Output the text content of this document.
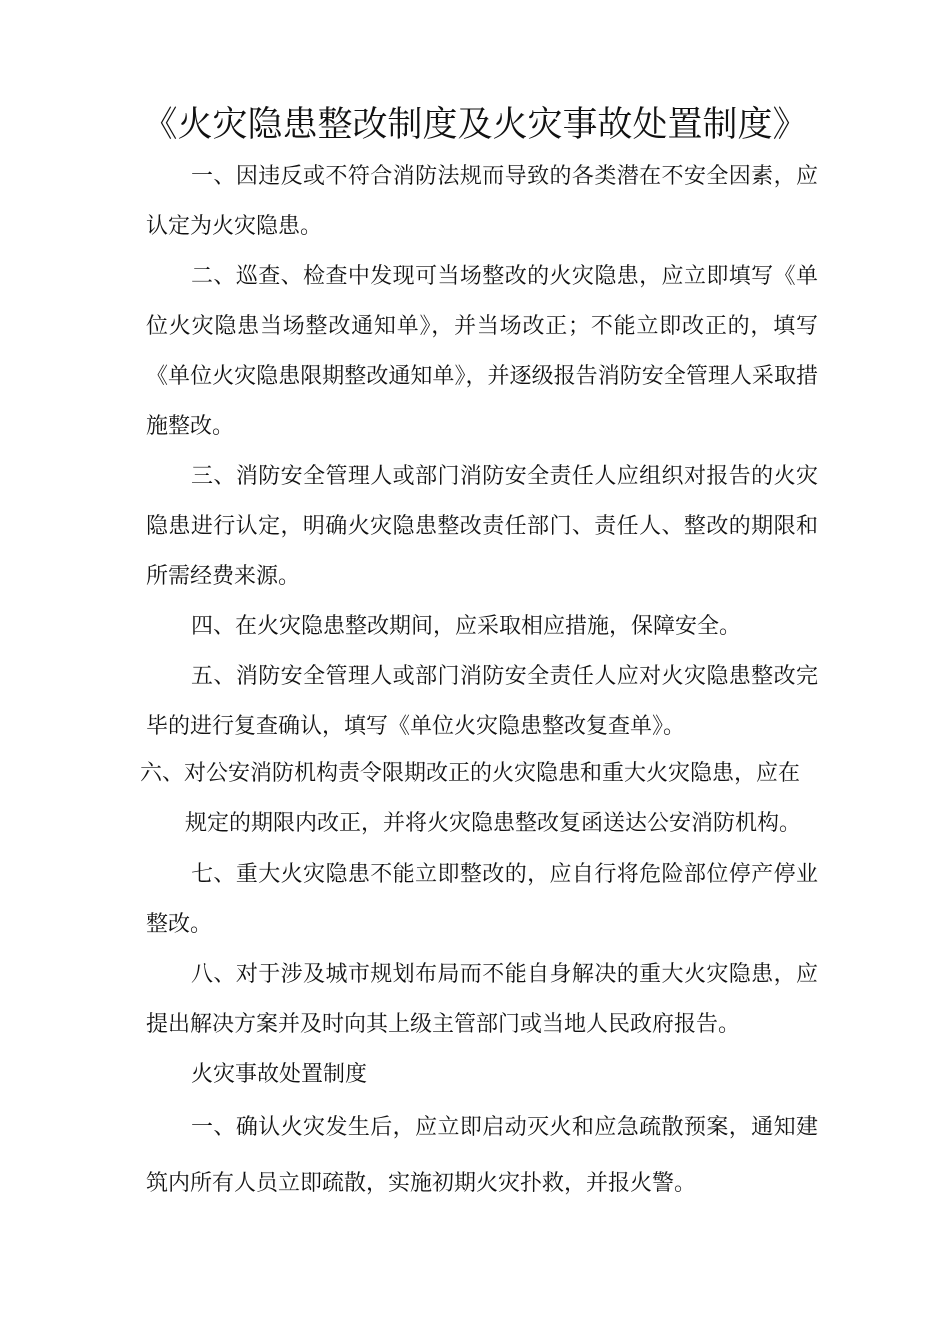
《火灾隐患整改制度及火灾事故处置制度》

一、因违反或不符合消防法规而导致的各类潜在不安全因素，应认定为火灾隐患。

二、巡查、检查中发现可当场整改的火灾隐患，应立即填写《单位火灾隐患当场整改通知单》，并当场改正；不能立即改正的，填写《单位火灾隐患限期整改通知单》，并逐级报告消防安全管理人采取措施整改。

三、消防安全管理人或部门消防安全责任人应组织对报告的火灾隐患进行认定，明确火灾隐患整改责任部门、责任人、整改的期限和所需经费来源。

四、在火灾隐患整改期间，应采取相应措施，保障安全。

五、消防安全管理人或部门消防安全责任人应对火灾隐患整改完毕的进行复查确认，填写《单位火灾隐患整改复查单》。

六、对公安消防机构责令限期改正的火灾隐患和重大火灾隐患，应在
规定的期限内改正，并将火灾隐患整改复函送达公安消防机构。

七、重大火灾隐患不能立即整改的，应自行将危险部位停产停业整改。

八、对于涉及城市规划布局而不能自身解决的重大火灾隐患，应提出解决方案并及时向其上级主管部门或当地人民政府报告。

火灾事故处置制度

一、确认火灾发生后，应立即启动灭火和应急疏散预案，通知建筑内所有人员立即疏散，实施初期火灾扑救，并报火警。
